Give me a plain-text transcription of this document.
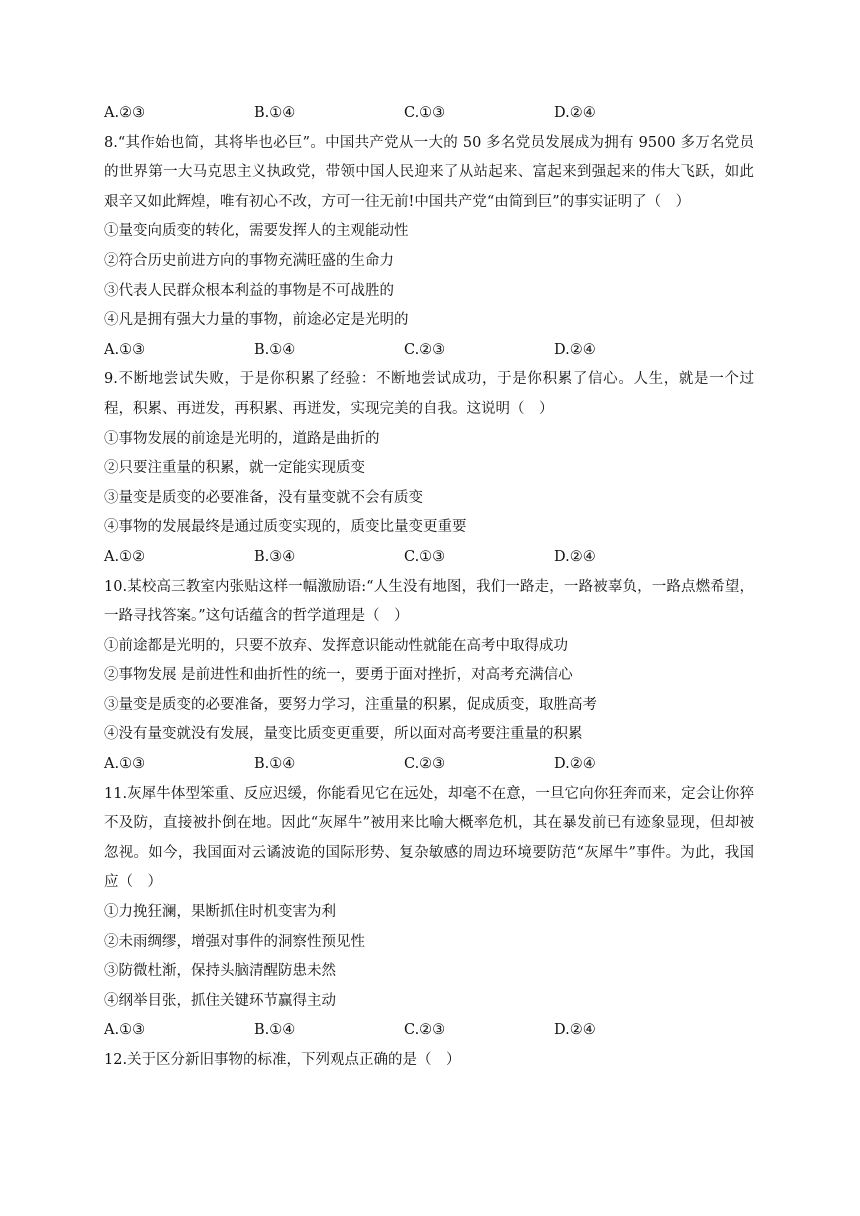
A.②③	B.①④	C.①③	D.②④
8.“其作始也简，其将毕也必巨”。中国共产党从一大的 50 多名党员发展成为拥有 9500 多万名党员的世界第一大马克思主义执政党，带领中国人民迎来了从站起来、富起来到强起来的伟大飞跃，如此艰辛又如此辉煌，唯有初心不改，方可一往无前!中国共产党“由简到巨”的事实证明了（　）
①量变向质变的转化，需要发挥人的主观能动性
②符合历史前进方向的事物充满旺盛的生命力
③代表人民群众根本利益的事物是不可战胜的
④凡是拥有强大力量的事物，前途必定是光明的
A.①③	B.①④	C.②③	D.②④
9.不断地尝试失败，于是你积累了经验：不断地尝试成功，于是你积累了信心。人生，就是一个过程，积累、再迸发，再积累、再迸发，实现完美的自我。这说明（　）
①事物发展的前途是光明的，道路是曲折的
②只要注重量的积累，就一定能实现质变
③量变是质变的必要准备，没有量变就不会有质变
④事物的发展最终是通过质变实现的，质变比量变更重要
A.①②	B.③④	C.①③	D.②④
10.某校高三教室内张贴这样一幅激励语:“人生没有地图，我们一路走，一路被辜负，一路点燃希望，一路寻找答案。”这句话蕴含的哲学道理是（　）
①前途都是光明的，只要不放弃、发挥意识能动性就能在高考中取得成功
②事物发展 是前进性和曲折性的统一，要勇于面对挫折，对高考充满信心
③量变是质变的必要准备，要努力学习，注重量的积累，促成质变，取胜高考
④没有量变就没有发展，量变比质变更重要，所以面对高考要注重量的积累
A.①③	B.①④	C.②③	D.②④
11.灰犀牛体型笨重、反应迟缓，你能看见它在远处，却毫不在意，一旦它向你狂奔而来，定会让你猝不及防，直接被扑倒在地。因此“灰犀牛”被用来比喻大概率危机，其在暴发前已有迹象显现，但却被忽视。如今，我国面对云谲波诡的国际形势、复杂敏感的周边环境要防范“灰犀牛”事件。为此，我国应（　）
①力挽狂澜，果断抓住时机变害为利
②未雨绸缪，增强对事件的洞察性预见性
③防微杜渐，保持头脑清醒防患未然
④纲举目张，抓住关键环节赢得主动
A.①③	B.①④	C.②③	D.②④
12.关于区分新旧事物的标准，下列观点正确的是（　）
